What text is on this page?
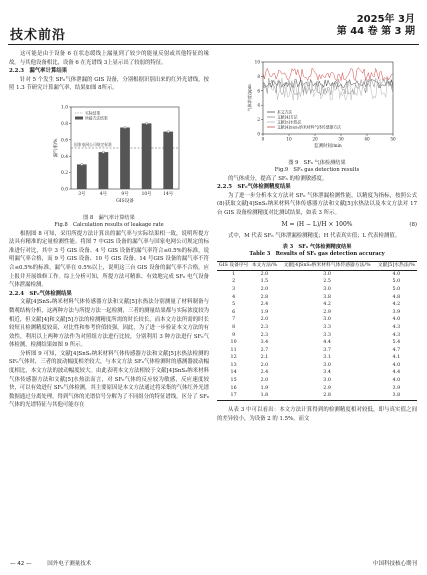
技术前沿
2025年 3月
第 44 卷 第 3 期

这可能是由于设备 6 在状态缓线上漏量到了较少的能量反射或其他特征的缘故。与其他设备相比，设备 6 在光谱线 3上显示出了较弱的特征。

2.2.3　漏气率计算结果

针对 5 个发生 SF₆气体泄漏的 GIS 设备，分别根据识别出来的红外光谱线，按照 1.3 节研究计算漏气率，结果如图 8所示。

0.0
0.2
0.4
0.6
0.8
1.0
3号	4号	9号	10号	14号
国家电网公司规定标准
实际结果
所提方法结果
漏气率/%
GIS设备

图 8　漏气率计算结果

Fig.8　Calculation results of leakage rate

根据图 8 可知，采用所提方法计算出的漏气率与实际结果相一致，说明所提方法具有精准的定量检测性能。将图 7 中GIS 设备的漏气率与国家电网公司规定的标准进行对比，其中 3 号 GIS 设备、4 号 GIS 设备的漏气率符合≤0.5%的标准，说明漏气率合格，而 9 号 GIS 设备、10 号 GIS 设备、14 号GIS 设备的漏气率不符合≤0.5%的标准，漏气率在 0.5%以上，说明这三台 GIS 设备的漏气率不合格，应上报并开展维修工作。综上分析可知，所提方法可精准、有效地完成 SF₆ 电气设备气体泄漏检测。

2.2.4　SF₆气体检测结果

文献[4]SnS₂纳米材料气体传感器方法和文献[5]水热法分别测量了材料制备与微观结构分析，这两种方法与所提方法一起检测，三者的测量结果都与实际浓度较为相近，但文献[4]和文献[5]方法的检测精度所需的时长较长，而本文方法所需的时长较短且检测精度较高，对比性和参考价值较强，因此，为了进一步验证本文方法的有效性，利用以上两种方法作为对照组方法进行比较，分别利用 3 种方法进行 SF₆气体检测，检测结果如图 9 所示。

分析图 9 可知，文献[4]SnS₂纳米材料气体传感器方法和文献[5]水热法检测的 SF₆气体时，三者的波动幅度相差较大，与本文方法 SF₆气体检测时的感测器波动幅度相比，本文方法的波动幅度较大。由此表明本文方法相较于文献[4]SnS₂纳米材料气体传感器方法和文献[5]水热法而言，对 SF₆气体的反应较为敏感，反应速度较快，可以有效进行 SF₆气体检测，其主要原因是本文方法通过将采集的气体红外光谱数据通过分离处理，得到气体的光谱信号分解为了不同组分的特征谱线，区分了 SF₆气体的光谱特征与其他可能存在

0
2
4
6
8
10
0	10	20	30	40	50
本文方法
文献[4]方法
文献[5]水热法
文献[4]SnS₂纳米材料气体传感器方法
气体浓度/ppm
监测时间/min

图 9　SF₆ 气体检测结果

Fig.9　SF₆ gas detection results

的气体成分，提高了 SF₆ 的检测敏感度。

2.2.5　SF₆气体检测精度结果

为了进一步分析本文方法对 SF₆ 气体泄漏检测性能，以精度为指标，按照公式(8)获取文献[4]SnS₂纳米材料气体传感器方法和文献[5]水热法以及本文方法对 17 台 GIS 设备检测精度对比测试结果，如表 3 所示。

M = (H − L)/H × 100%	(8)

式中，M 代表 SF₆ 气体泄漏检测精度；H 代表真实值；L 代表检测值。

表 3　SF₆ 气体检测精度结果

Table 3　Results of SF₆ gas detection accuracy

GIS 设备序号	本文方法/%	文献[4]SnS₂纳米材料气体传感器方法/%	文献[5]水热法/%
1	2.0	3.0	4.0
2	1.5	2.5	5.0
3	2.0	3.0	5.0
4	2.8	3.8	4.8
5	2.4	4.2	4.2
6	1.9	2.9	3.9
7	2.0	3.0	4.0
8	2.3	3.3	4.3
9	2.3	3.3	4.3
10	3.4	4.4	5.4
11	2.7	3.7	4.7
12	2.1	3.1	4.1
13	2.0	3.0	4.0
14	2.4	3.4	4.4
15	2.0	3.0	4.0
16	1.9	2.9	3.9
17	1.8	2.8	3.8

从表 3 中可以看出：本文方法计算得到的检测精度相对较低，即与真实值之间的差异较小，为设备 2 的 1.5%。而文

— 42 —	国外电子测量技术	中国科技核心期刊
